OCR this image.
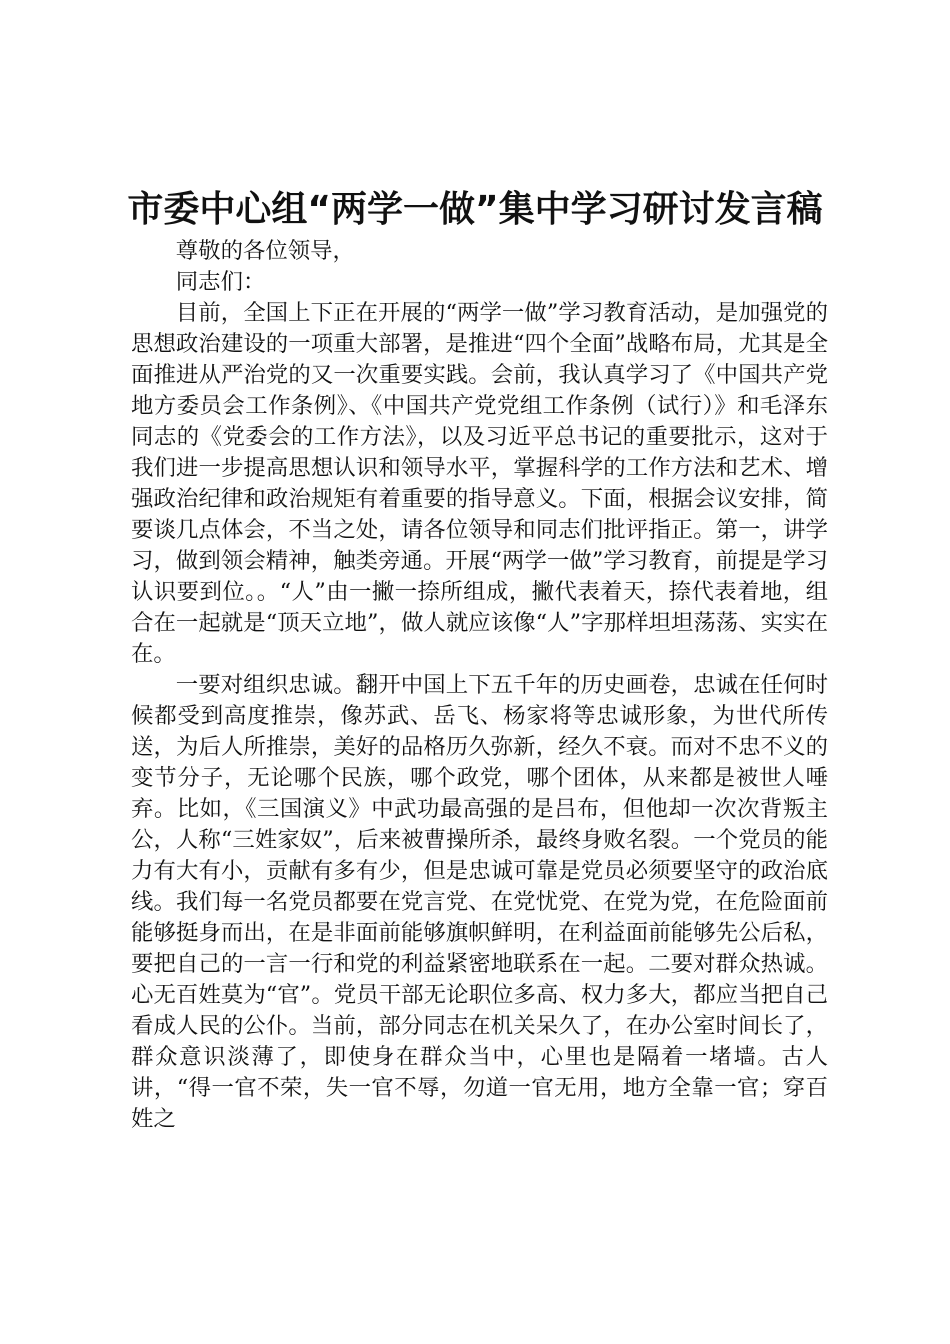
市委中心组“两学一做”集中学习研讨发言稿

尊敬的各位领导，

同志们：

目前，全国上下正在开展的“两学一做”学习教育活动，是加强党的思想政治建设的一项重大部署，是推进“四个全面”战略布局，尤其是全面推进从严治党的又一次重要实践。会前，我认真学习了《中国共产党地方委员会工作条例》、《中国共产党党组工作条例（试行）》和毛泽东同志的《党委会的工作方法》，以及习近平总书记的重要批示，这对于我们进一步提高思想认识和领导水平，掌握科学的工作方法和艺术、增强政治纪律和政治规矩有着重要的指导意义。下面，根据会议安排，简要谈几点体会，不当之处，请各位领导和同志们批评指正。第一，讲学习，做到领会精神，触类旁通。开展“两学一做”学习教育，前提是学习认识要到位。。“人”由一撇一捺所组成，撇代表着天，捺代表着地，组合在一起就是“顶天立地”，做人就应该像“人”字那样坦坦荡荡、实实在在。

一要对组织忠诚。翻开中国上下五千年的历史画卷，忠诚在任何时候都受到高度推崇，像苏武、岳飞、杨家将等忠诚形象，为世代所传送，为后人所推崇，美好的品格历久弥新，经久不衰。而对不忠不义的变节分子，无论哪个民族，哪个政党，哪个团体，从来都是被世人唾弃。比如，《三国演义》中武功最高强的是吕布，但他却一次次背叛主公，人称“三姓家奴”，后来被曹操所杀，最终身败名裂。一个党员的能力有大有小，贡献有多有少，但是忠诚可靠是党员必须要坚守的政治底线。我们每一名党员都要在党言党、在党忧党、在党为党，在危险面前能够挺身而出，在是非面前能够旗帜鲜明，在利益面前能够先公后私，要把自己的一言一行和党的利益紧密地联系在一起。二要对群众热诚。心无百姓莫为“官”。党员干部无论职位多高、权力多大，都应当把自己看成人民的公仆。当前，部分同志在机关呆久了，在办公室时间长了，群众意识淡薄了，即使身在群众当中，心里也是隔着一堵墙。古人讲，“得一官不荣，失一官不辱，勿道一官无用，地方全靠一官；穿百姓之
